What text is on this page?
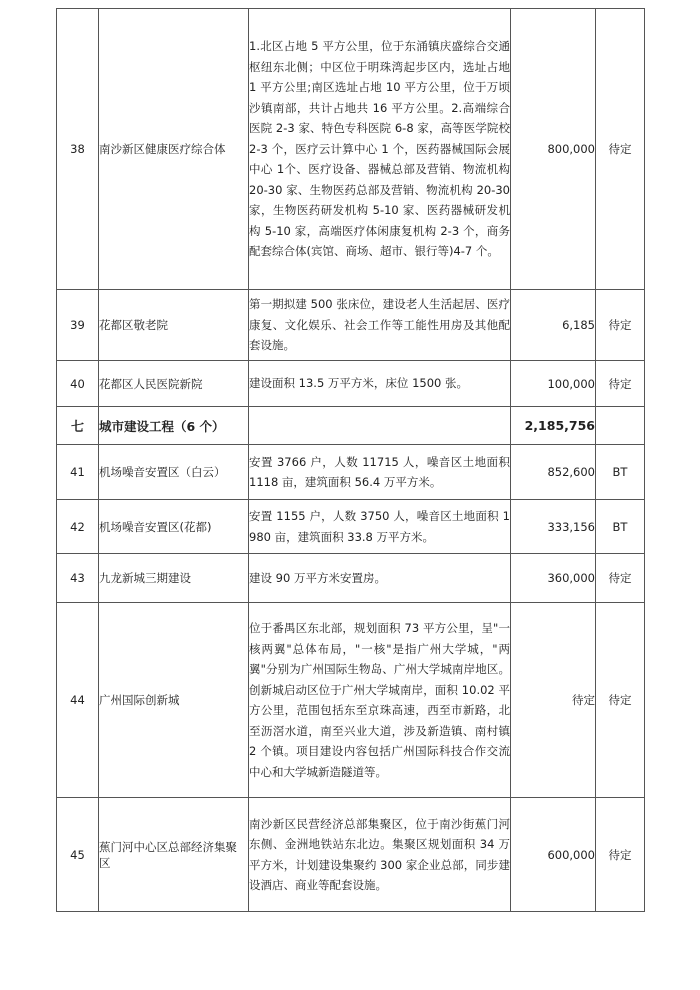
38	南沙新区健康医疗综合体	1.北区占地 5 平方公里，位于东涌镇庆盛综合交通枢纽东北侧；中区位于明珠湾起步区内，选址占地 1 平方公里;南区选址占地 10 平方公里，位于万顷沙镇南部，共计占地共 16 平方公里。2.高端综合医院 2-3 家、特色专科医院 6-8 家，高等医学院校 2-3 个，医疗云计算中心 1 个，医药器械国际会展中心 1个、医疗设备、器械总部及营销、物流机构 20-30 家、生物医药总部及营销、物流机构 20-30 家，生物医药研发机构 5-10 家、医药器械研发机构 5-10 家，高端医疗体闲康复机构 2-3 个，商务配套综合体(宾馆、商场、超市、银行等)4-7 个。	800,000	待定
39	花都区敬老院	第一期拟建 500 张床位，建设老人生活起居、医疗康复、文化娱乐、社会工作等工能性用房及其他配套设施。	6,185	待定
40	花都区人民医院新院	建设面积 13.5 万平方米，床位 1500 张。	100,000	待定
七	城市建设工程（6 个）		2,185,756	
41	机场噪音安置区（白云）	安置 3766 户，人数 11715 人，噪音区土地面积 1118 亩，建筑面积 56.4 万平方米。	852,600	BT
42	机场噪音安置区(花都)	安置 1155 户，人数 3750 人，噪音区土地面积 1980 亩，建筑面积 33.8 万平方米。	333,156	BT
43	九龙新城三期建设	建设 90 万平方米安置房。	360,000	待定
44	广州国际创新城	位于番禺区东北部，规划面积 73 平方公里，呈"一核两翼"总体布局，"一核"是指广州大学城，"两翼"分别为广州国际生物岛、广州大学城南岸地区。创新城启动区位于广州大学城南岸，面积 10.02 平方公里，范围包括东至京珠高速，西至市新路，北至沥滘水道，南至兴业大道，涉及新造镇、南村镇 2 个镇。项目建设内容包括广州国际科技合作交流中心和大学城新造隧道等。	待定	待定
45	蕉门河中心区总部经济集聚区	南沙新区民营经济总部集聚区，位于南沙街蕉门河东侧、金洲地铁站东北边。集聚区规划面积 34 万平方米，计划建设集聚约 300 家企业总部，同步建设酒店、商业等配套设施。	600,000	待定
